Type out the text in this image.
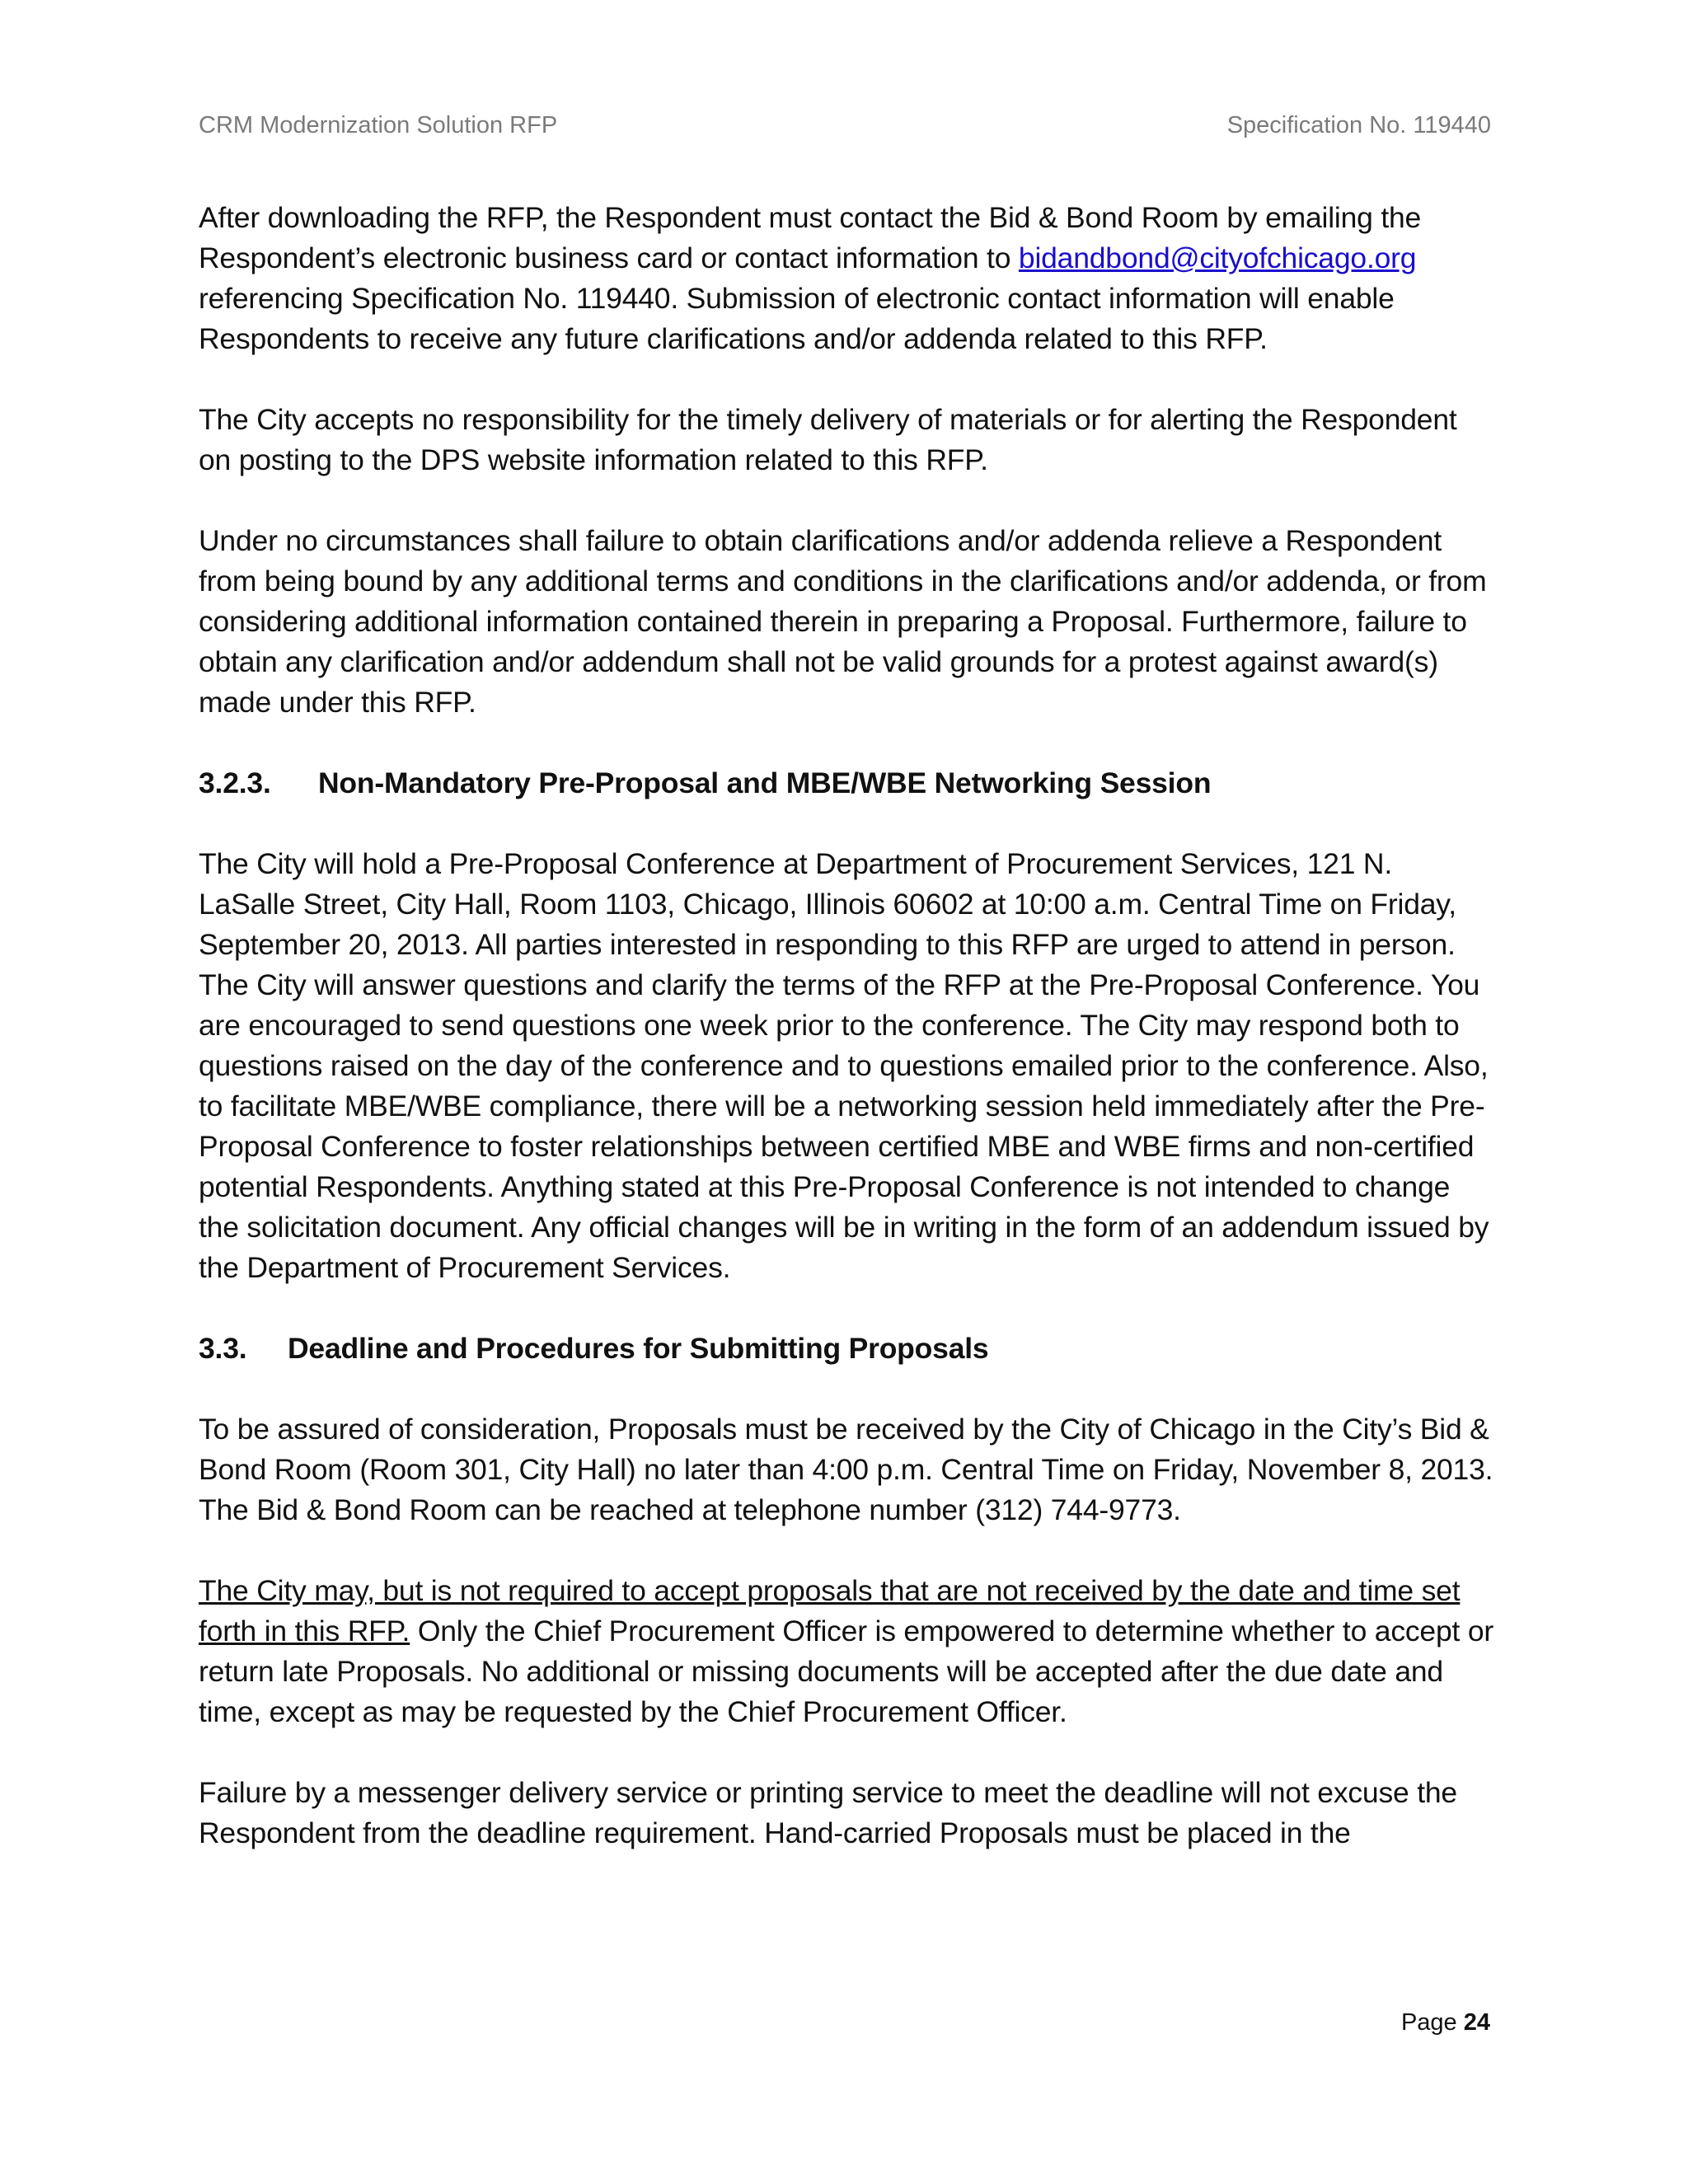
CRM Modernization Solution RFP	Specification No. 119440

After downloading the RFP, the Respondent must contact the Bid & Bond Room by emailing the Respondent’s electronic business card or contact information to bidandbond@cityofchicago.org referencing Specification No. 119440. Submission of electronic contact information will enable Respondents to receive any future clarifications and/or addenda related to this RFP.

The City accepts no responsibility for the timely delivery of materials or for alerting the Respondent on posting to the DPS website information related to this RFP.

Under no circumstances shall failure to obtain clarifications and/or addenda relieve a Respondent from being bound by any additional terms and conditions in the clarifications and/or addenda, or from considering additional information contained therein in preparing a Proposal. Furthermore, failure to obtain any clarification and/or addendum shall not be valid grounds for a protest against award(s) made under this RFP.

3.2.3. Non-Mandatory Pre-Proposal and MBE/WBE Networking Session

The City will hold a Pre-Proposal Conference at Department of Procurement Services, 121 N. LaSalle Street, City Hall, Room 1103, Chicago, Illinois 60602 at 10:00 a.m. Central Time on Friday, September 20, 2013. All parties interested in responding to this RFP are urged to attend in person. The City will answer questions and clarify the terms of the RFP at the Pre-Proposal Conference. You are encouraged to send questions one week prior to the conference. The City may respond both to questions raised on the day of the conference and to questions emailed prior to the conference. Also, to facilitate MBE/WBE compliance, there will be a networking session held immediately after the Pre-Proposal Conference to foster relationships between certified MBE and WBE firms and non-certified potential Respondents. Anything stated at this Pre-Proposal Conference is not intended to change the solicitation document. Any official changes will be in writing in the form of an addendum issued by the Department of Procurement Services.

3.3. Deadline and Procedures for Submitting Proposals

To be assured of consideration, Proposals must be received by the City of Chicago in the City’s Bid & Bond Room (Room 301, City Hall) no later than 4:00 p.m. Central Time on Friday, November 8, 2013. The Bid & Bond Room can be reached at telephone number (312) 744-9773.

The City may, but is not required to accept proposals that are not received by the date and time set forth in this RFP. Only the Chief Procurement Officer is empowered to determine whether to accept or return late Proposals. No additional or missing documents will be accepted after the due date and time, except as may be requested by the Chief Procurement Officer.

Failure by a messenger delivery service or printing service to meet the deadline will not excuse the Respondent from the deadline requirement. Hand-carried Proposals must be placed in the

Page 24
